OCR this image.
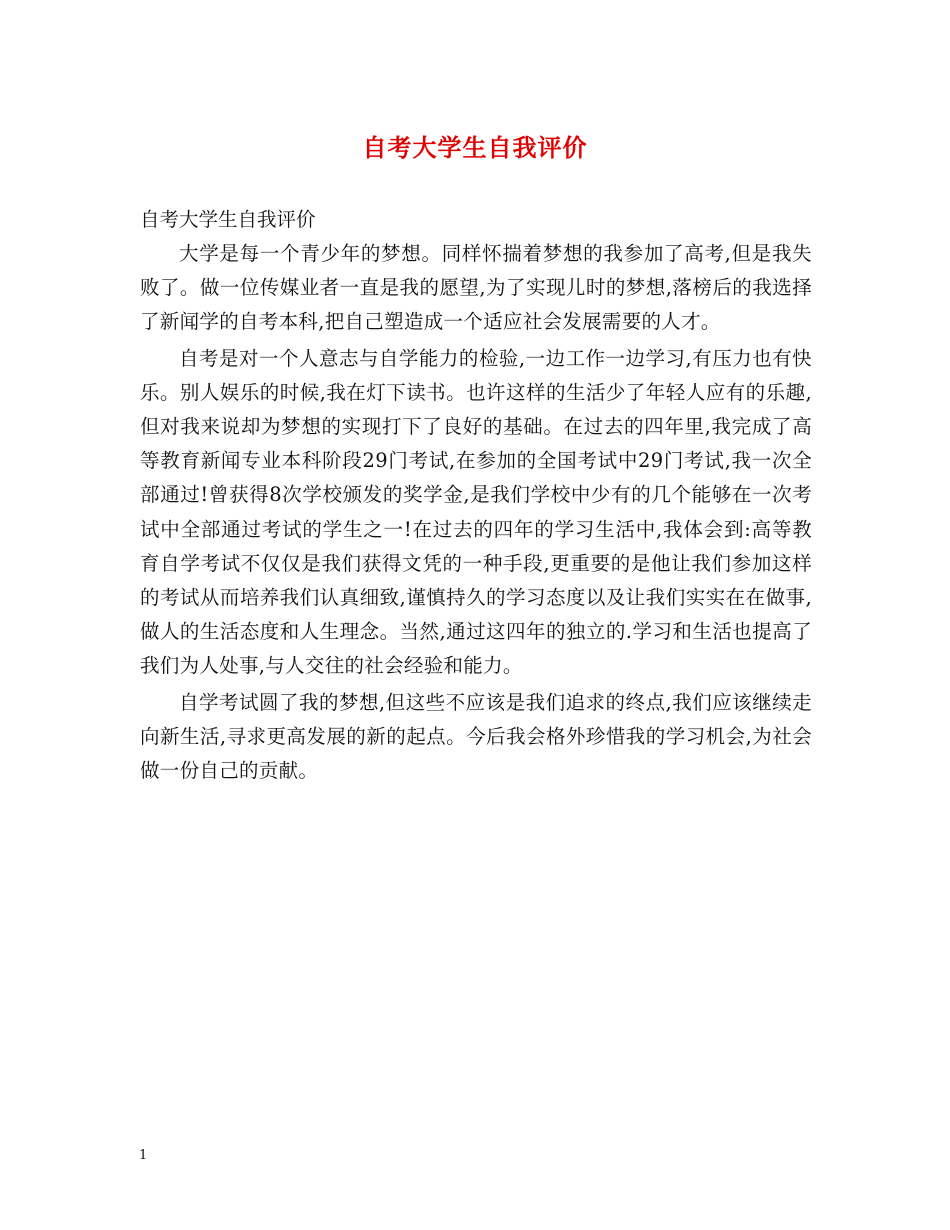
自考大学生自我评价

自考大学生自我评价

大学是每一个青少年的梦想。同样怀揣着梦想的我参加了高考,但是我失败了。做一位传媒业者一直是我的愿望,为了实现儿时的梦想,落榜后的我选择了新闻学的自考本科,把自己塑造成一个适应社会发展需要的人才。

自考是对一个人意志与自学能力的检验,一边工作一边学习,有压力也有快乐。别人娱乐的时候,我在灯下读书。也许这样的生活少了年轻人应有的乐趣,但对我来说却为梦想的实现打下了良好的基础。在过去的四年里,我完成了高等教育新闻专业本科阶段29门考试,在参加的全国考试中29门考试,我一次全部通过!曾获得8次学校颁发的奖学金,是我们学校中少有的几个能够在一次考试中全部通过考试的学生之一!在过去的四年的学习生活中,我体会到:高等教育自学考试不仅仅是我们获得文凭的一种手段,更重要的是他让我们参加这样的考试从而培养我们认真细致,谨慎持久的学习态度以及让我们实实在在做事,做人的生活态度和人生理念。当然,通过这四年的独立的.学习和生活也提高了我们为人处事,与人交往的社会经验和能力。

自学考试圆了我的梦想,但这些不应该是我们追求的终点,我们应该继续走向新生活,寻求更高发展的新的起点。今后我会格外珍惜我的学习机会,为社会做一份自己的贡献。

1
